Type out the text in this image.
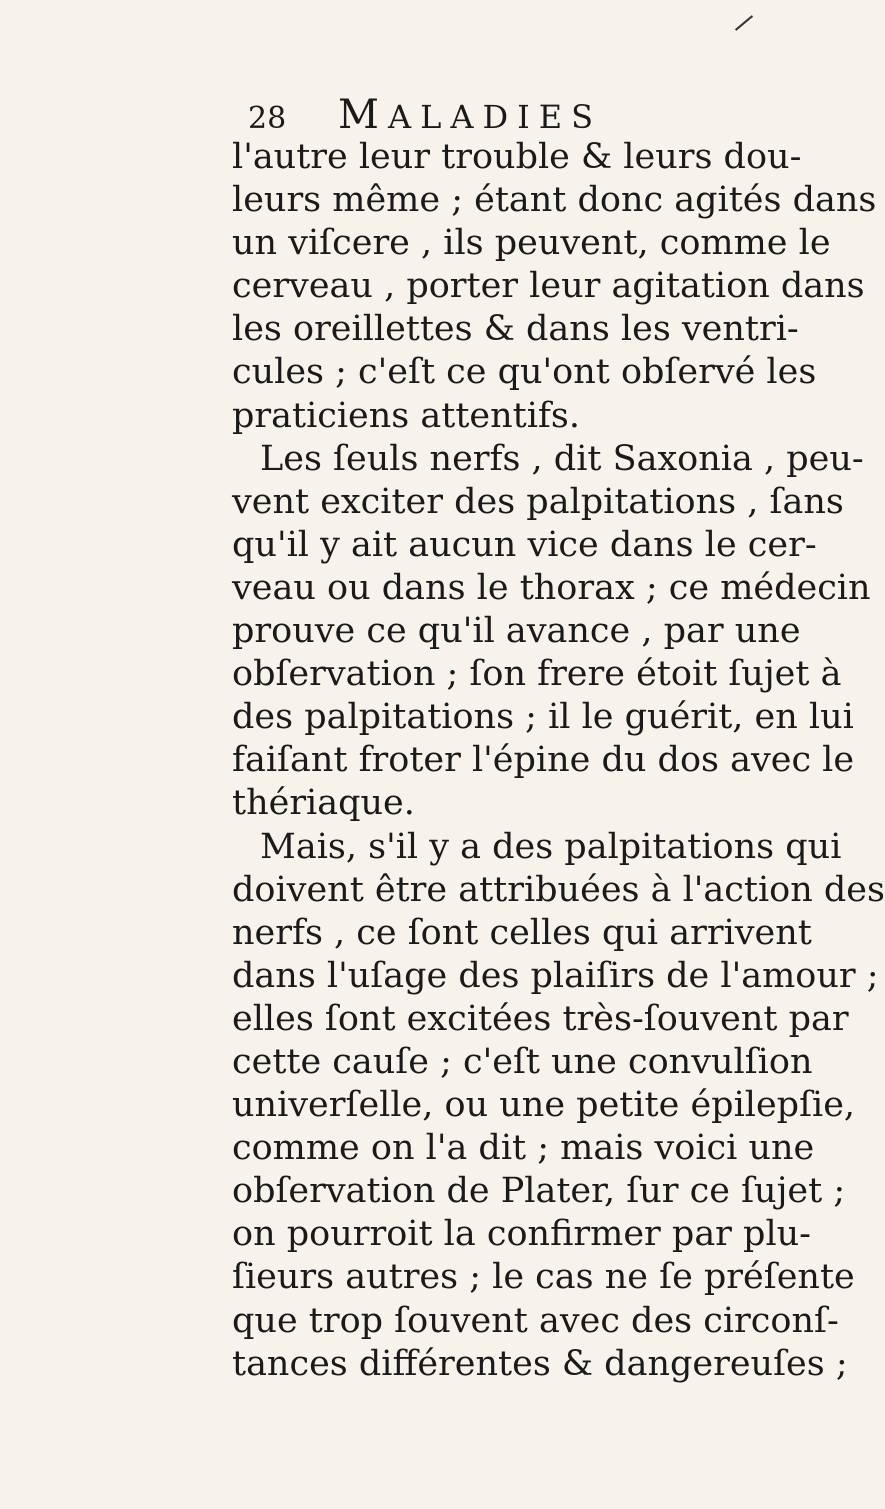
28 MALADIES
l'autre leur trouble & leurs dou-
leurs même ; étant donc agités dans
un viſcere , ils peuvent, comme le
cerveau , porter leur agitation dans
les oreillettes & dans les ventri-
cules ; c'eſt ce qu'ont obſervé les
praticiens attentifs.
Les ſeuls nerfs , dit Saxonia , peu-
vent exciter des palpitations , ſans
qu'il y ait aucun vice dans le cer-
veau ou dans le thorax ; ce médecin
prouve ce qu'il avance , par une
obſervation ; ſon frere étoit ſujet à
des palpitations ; il le guérit, en lui
faiſant froter l'épine du dos avec le
thériaque.
Mais, s'il y a des palpitations qui
doivent être attribuées à l'action des
nerfs , ce ſont celles qui arrivent
dans l'uſage des plaiſirs de l'amour ;
elles ſont excitées très-ſouvent par
cette cauſe ; c'eſt une convulſion
univerſelle, ou une petite épilepſie,
comme on l'a dit ; mais voici une
obſervation de Plater, ſur ce ſujet ;
on pourroit la confirmer par plu-
ſieurs autres ; le cas ne ſe préſente
que trop ſouvent avec des circonſ-
tances différentes & dangereuſes ;
